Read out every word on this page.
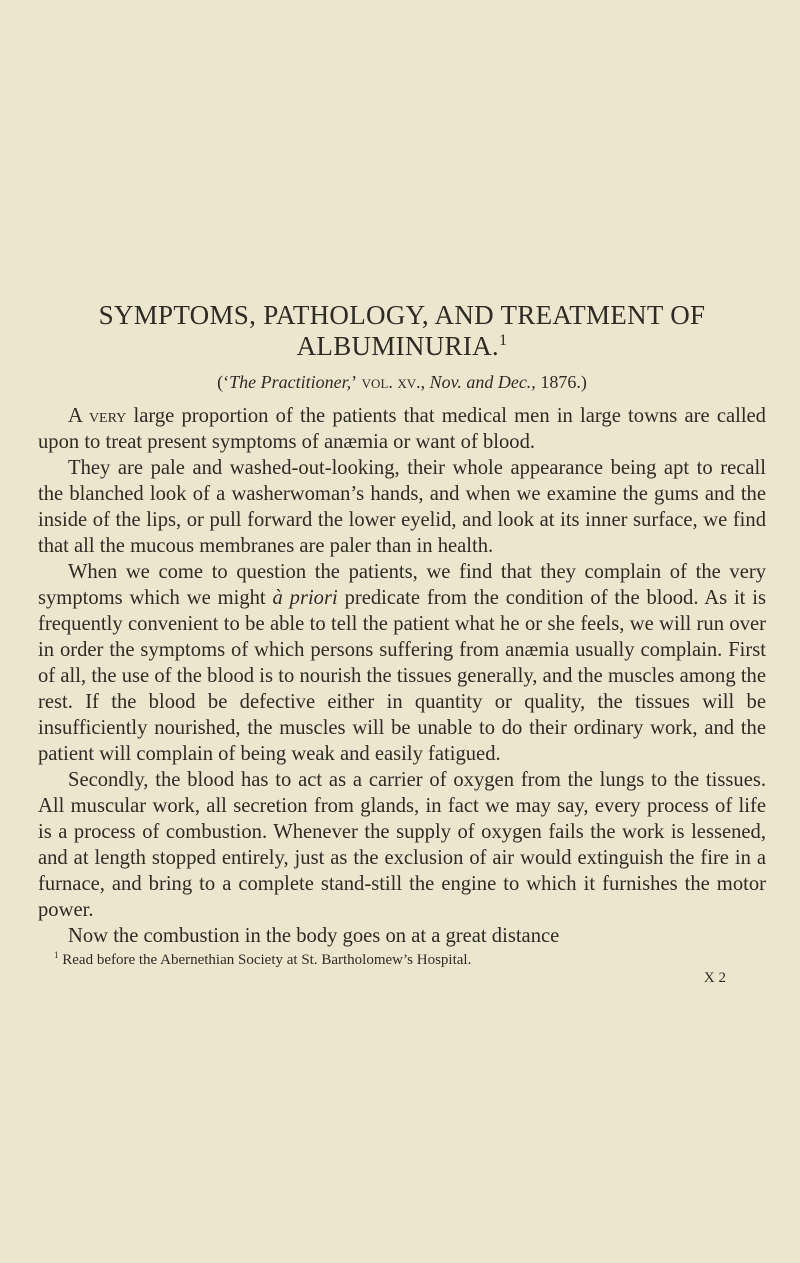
SYMPTOMS, PATHOLOGY, AND TREATMENT OF ALBUMINURIA.$^1$
(‘The Practitioner,’ vol. xv., Nov. and Dec., 1876.)

A very large proportion of the patients that medical men in large towns are called upon to treat present symptoms of anæmia or want of blood.

They are pale and washed-out-looking, their whole appearance being apt to recall the blanched look of a washerwoman’s hands, and when we examine the gums and the inside of the lips, or pull forward the lower eyelid, and look at its inner surface, we find that all the mucous membranes are paler than in health.

When we come to question the patients, we find that they complain of the very symptoms which we might à priori predicate from the condition of the blood. As it is frequently convenient to be able to tell the patient what he or she feels, we will run over in order the symptoms of which persons suffering from anæmia usually complain. First of all, the use of the blood is to nourish the tissues generally, and the muscles among the rest. If the blood be defective either in quantity or quality, the tissues will be insufficiently nourished, the muscles will be unable to do their ordinary work, and the patient will complain of being weak and easily fatigued.

Secondly, the blood has to act as a carrier of oxygen from the lungs to the tissues. All muscular work, all secretion from glands, in fact we may say, every process of life is a process of combustion. Whenever the supply of oxygen fails the work is lessened, and at length stopped entirely, just as the exclusion of air would extinguish the fire in a furnace, and bring to a complete stand-still the engine to which it furnishes the motor power.

Now the combustion in the body goes on at a great distance

$^1$ Read before the Abernethian Society at St. Bartholomew’s Hospital.
X 2
